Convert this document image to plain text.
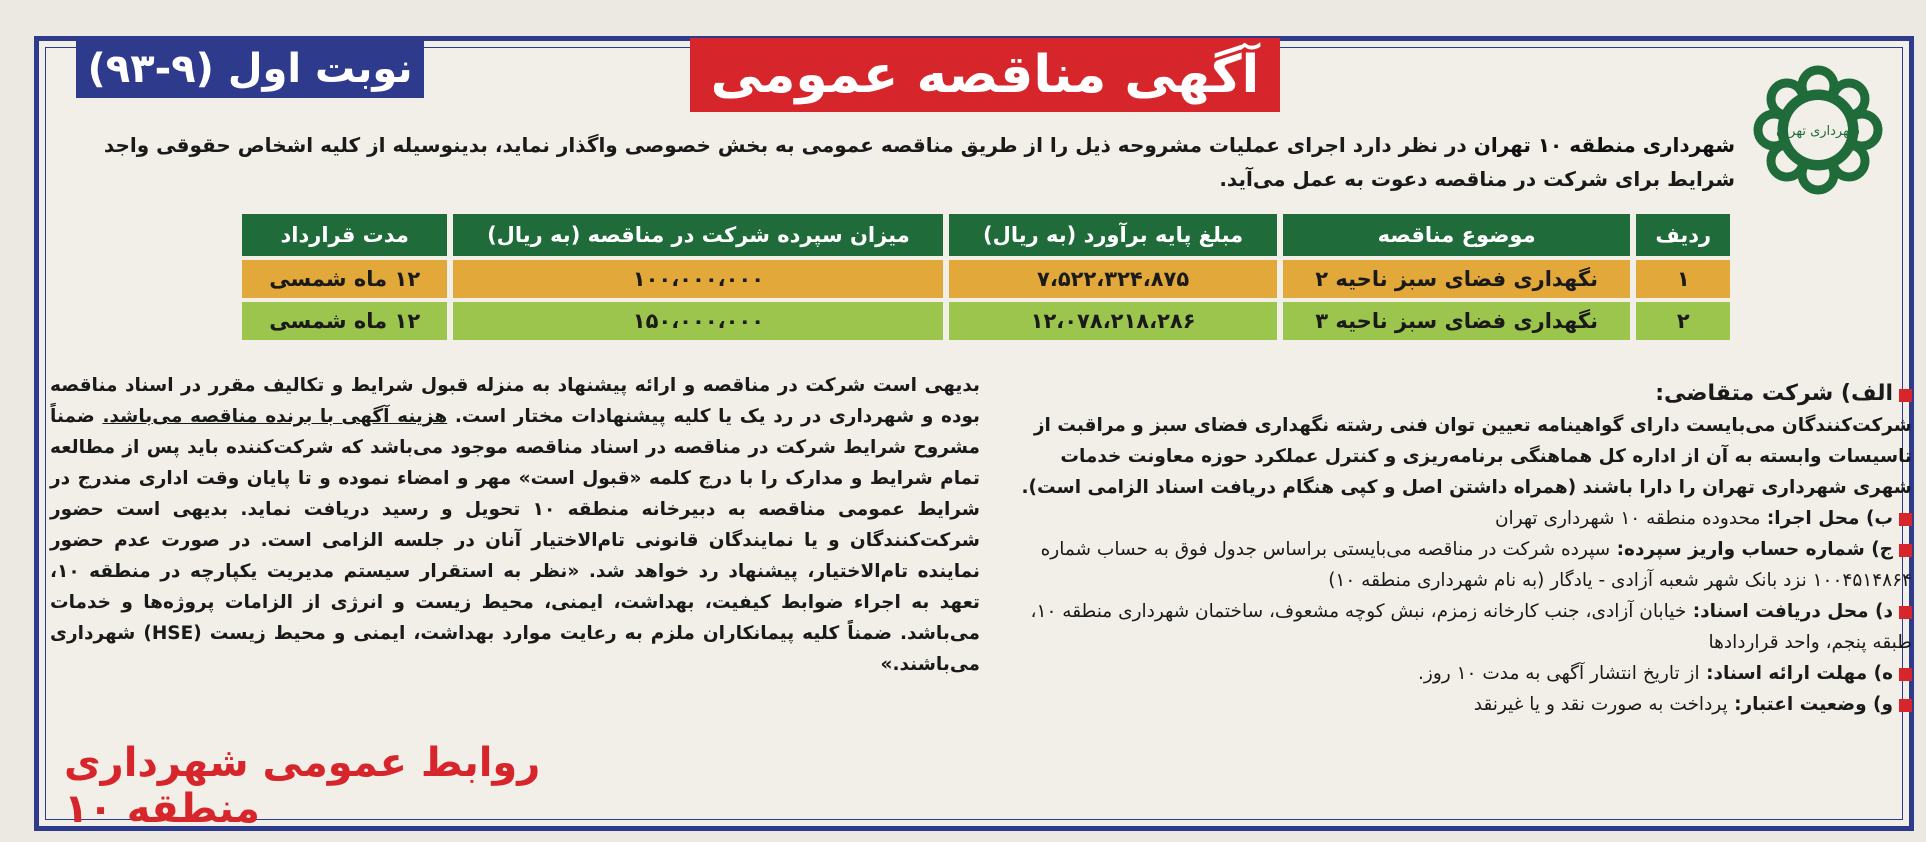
آگهی مناقصه عمومی
نوبت اول (۹-۹۳)
شهرداری تهران
شهرداری منطقه ۱۰ تهران در نظر دارد اجرای عملیات مشروحه ذیل را از طریق مناقصه عمومی به بخش خصوصی واگذار نماید، بدینوسیله از کلیه اشخاص حقوقی واجد شرایط برای شرکت در مناقصه دعوت به عمل می‌آید.
ردیف	موضوع مناقصه	مبلغ پایه برآورد (به ریال)	میزان سپرده شرکت در مناقصه (به ریال)	مدت قرارداد
۱	نگهداری فضای سبز ناحیه ۲	۷،۵۲۲،۳۲۴،۸۷۵	۱۰۰،۰۰۰،۰۰۰	۱۲ ماه شمسی
۲	نگهداری فضای سبز ناحیه ۳	۱۲،۰۷۸،۲۱۸،۲۸۶	۱۵۰،۰۰۰،۰۰۰	۱۲ ماه شمسی
الف) شرکت متقاضی:
شرکت‌کنندگان می‌بایست دارای گواهینامه تعیین توان فنی رشته نگهداری فضای سبز و مراقبت از تاسیسات وابسته به آن از اداره کل هماهنگی برنامه‌ریزی و کنترل عملکرد حوزه معاونت خدمات شهری شهرداری تهران را دارا باشند (همراه داشتن اصل و کپی هنگام دریافت اسناد الزامی است).
ب) محل اجرا: محدوده منطقه ۱۰ شهرداری تهران
ج) شماره حساب واریز سپرده: سپرده شرکت در مناقصه می‌بایستی براساس جدول فوق به حساب شماره ۱۰۰۴۵۱۴۸۶۴ نزد بانک شهر شعبه آزادی - یادگار (به نام شهرداری منطقه ۱۰)
د) محل دریافت اسناد: خیابان آزادی، جنب کارخانه زمزم، نبش کوچه مشعوف، ساختمان شهرداری منطقه ۱۰، طبقه پنجم، واحد قراردادها
ه) مهلت ارائه اسناد: از تاریخ انتشار آگهی به مدت ۱۰ روز.
و) وضعیت اعتبار: پرداخت به صورت نقد و یا غیرنقد
بدیهی است شرکت در مناقصه و ارائه پیشنهاد به منزله قبول شرایط و تکالیف مقرر در اسناد مناقصه بوده و شهرداری در رد یک یا کلیه پیشنهادات مختار است. هزینه آگهی با برنده مناقصه می‌باشد. ضمناً مشروح شرایط شرکت در مناقصه در اسناد مناقصه موجود می‌باشد که شرکت‌کننده باید پس از مطالعه تمام شرایط و مدارک را با درج کلمه «قبول است» مهر و امضاء نموده و تا پایان وقت اداری مندرج در شرایط عمومی مناقصه به دبیرخانه منطقه ۱۰ تحویل و رسید دریافت نماید. بدیهی است حضور شرکت‌کنندگان و یا نمایندگان قانونی تام‌الاختیار آنان در جلسه الزامی است. در صورت عدم حضور نماینده تام‌الاختیار، پیشنهاد رد خواهد شد. «نظر به استقرار سیستم مدیریت یکپارچه در منطقه ۱۰، تعهد به اجراء ضوابط کیفیت، بهداشت، ایمنی، محیط زیست و انرژی از الزامات پروژه‌ها و خدمات می‌باشد. ضمناً کلیه پیمانکاران ملزم به رعایت موارد بهداشت، ایمنی و محیط زیست (HSE) شهرداری می‌باشند.»
روابط عمومی شهرداری منطقه ۱۰
